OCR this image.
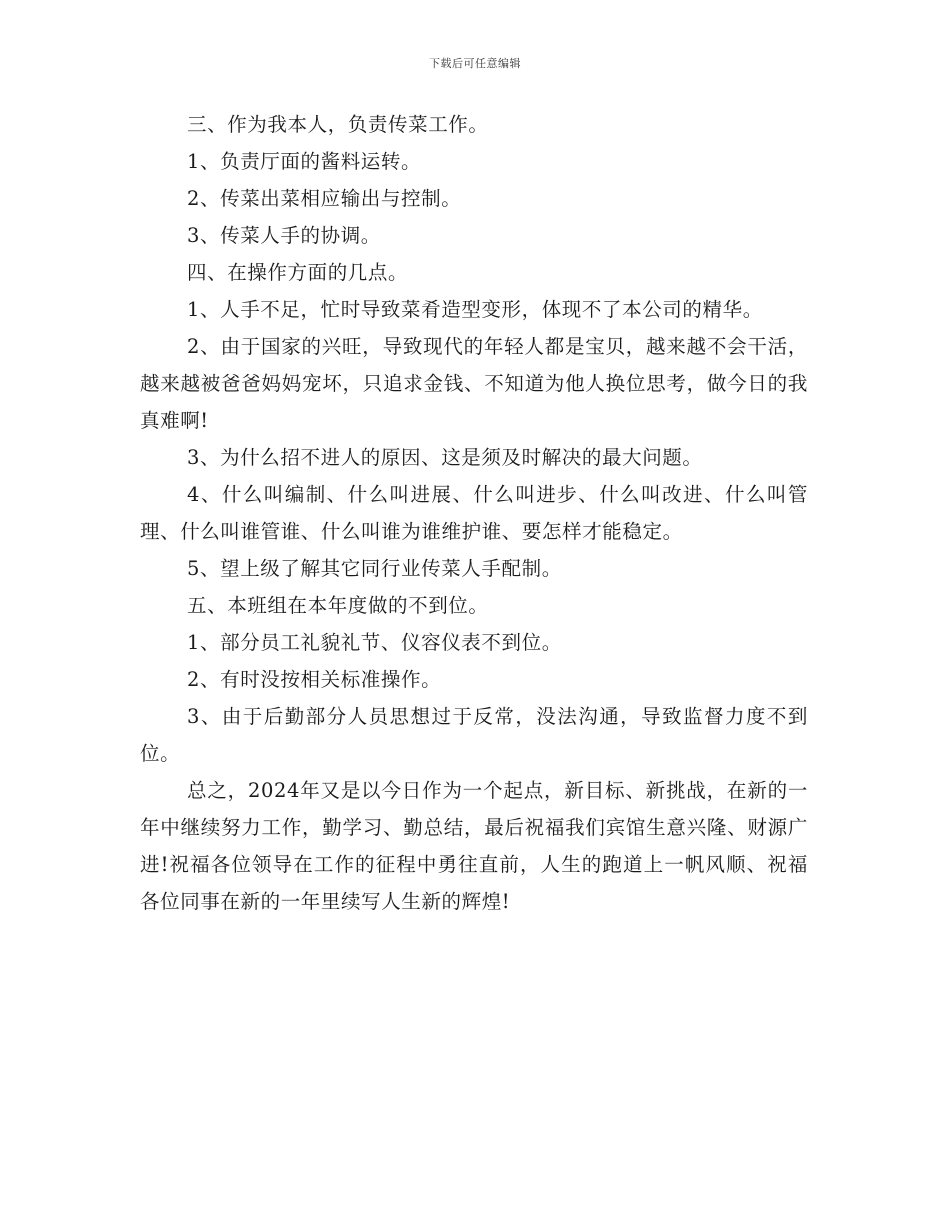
下载后可任意编辑

三、作为我本人，负责传菜工作。

1、负责厅面的酱料运转。

2、传菜出菜相应输出与控制。

3、传菜人手的协调。

四、在操作方面的几点。

1、人手不足，忙时导致菜肴造型变形，体现不了本公司的精华。

2、由于国家的兴旺，导致现代的年轻人都是宝贝，越来越不会干活，越来越被爸爸妈妈宠坏，只追求金钱、不知道为他人换位思考，做今日的我真难啊!

3、为什么招不进人的原因、这是须及时解决的最大问题。

4、什么叫编制、什么叫进展、什么叫进步、什么叫改进、什么叫管理、什么叫谁管谁、什么叫谁为谁维护谁、要怎样才能稳定。

5、望上级了解其它同行业传菜人手配制。

五、本班组在本年度做的不到位。

1、部分员工礼貌礼节、仪容仪表不到位。

2、有时没按相关标准操作。

3、由于后勤部分人员思想过于反常，没法沟通，导致监督力度不到位。

总之，2024年又是以今日作为一个起点，新目标、新挑战，在新的一年中继续努力工作，勤学习、勤总结，最后祝福我们宾馆生意兴隆、财源广进!祝福各位领导在工作的征程中勇往直前，人生的跑道上一帆风顺、祝福各位同事在新的一年里续写人生新的辉煌!
